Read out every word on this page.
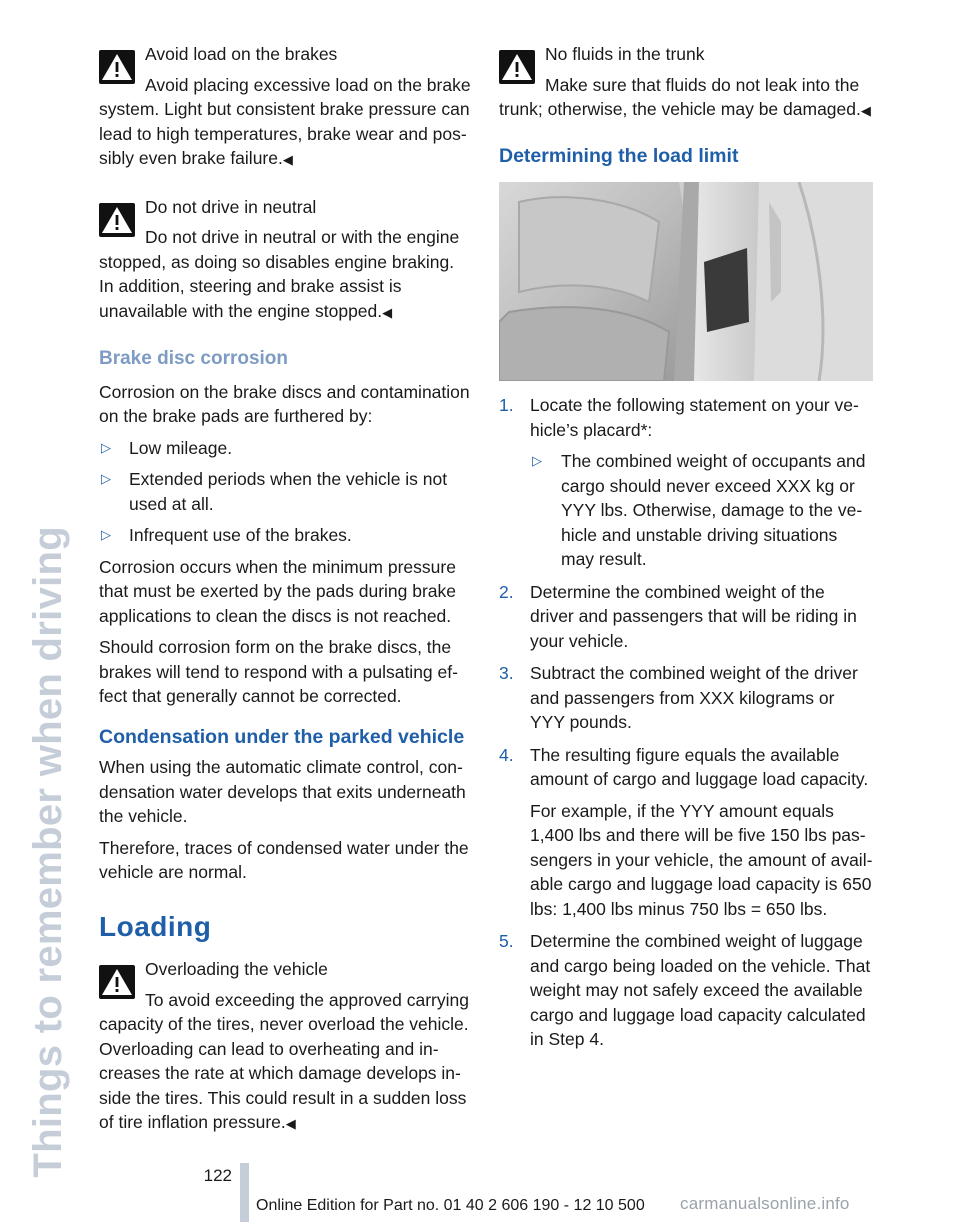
Things to remember when driving

Avoid load on the brakes

Avoid placing excessive load on the brake system. Light but consistent brake pressure can lead to high temperatures, brake wear and possibly even brake failure.◀

Do not drive in neutral

Do not drive in neutral or with the engine stopped, as doing so disables engine braking. In addition, steering and brake assist is unavailable with the engine stopped.◀

Brake disc corrosion

Corrosion on the brake discs and contamination on the brake pads are furthered by:

▷ Low mileage.
▷ Extended periods when the vehicle is not used at all.
▷ Infrequent use of the brakes.

Corrosion occurs when the minimum pressure that must be exerted by the pads during brake applications to clean the discs is not reached.

Should corrosion form on the brake discs, the brakes will tend to respond with a pulsating effect that generally cannot be corrected.

Condensation under the parked vehicle

When using the automatic climate control, condensation water develops that exits underneath the vehicle.

Therefore, traces of condensed water under the vehicle are normal.

Loading

Overloading the vehicle

To avoid exceeding the approved carrying capacity of the tires, never overload the vehicle. Overloading can lead to overheating and increases the rate at which damage develops inside the tires. This could result in a sudden loss of tire inflation pressure.◀

No fluids in the trunk

Make sure that fluids do not leak into the trunk; otherwise, the vehicle may be damaged.◀

Determining the load limit
1. Locate the following statement on your vehicle’s placard*:

▷ The combined weight of occupants and cargo should never exceed XXX kg or YYY lbs. Otherwise, damage to the vehicle and unstable driving situations may result.
2. Determine the combined weight of the driver and passengers that will be riding in your vehicle.

3. Subtract the combined weight of the driver and passengers from XXX kilograms or YYY pounds.

4. The resulting figure equals the available amount of cargo and luggage load capacity.

For example, if the YYY amount equals 1,400 lbs and there will be five 150 lbs passengers in your vehicle, the amount of available cargo and luggage load capacity is 650 lbs: 1,400 lbs minus 750 lbs = 650 lbs.

5. Determine the combined weight of luggage and cargo being loaded on the vehicle. That weight may not safely exceed the available cargo and luggage load capacity calculated in Step 4.

122
Online Edition for Part no. 01 40 2 606 190 - 12 10 500 carmanualsonline.info
